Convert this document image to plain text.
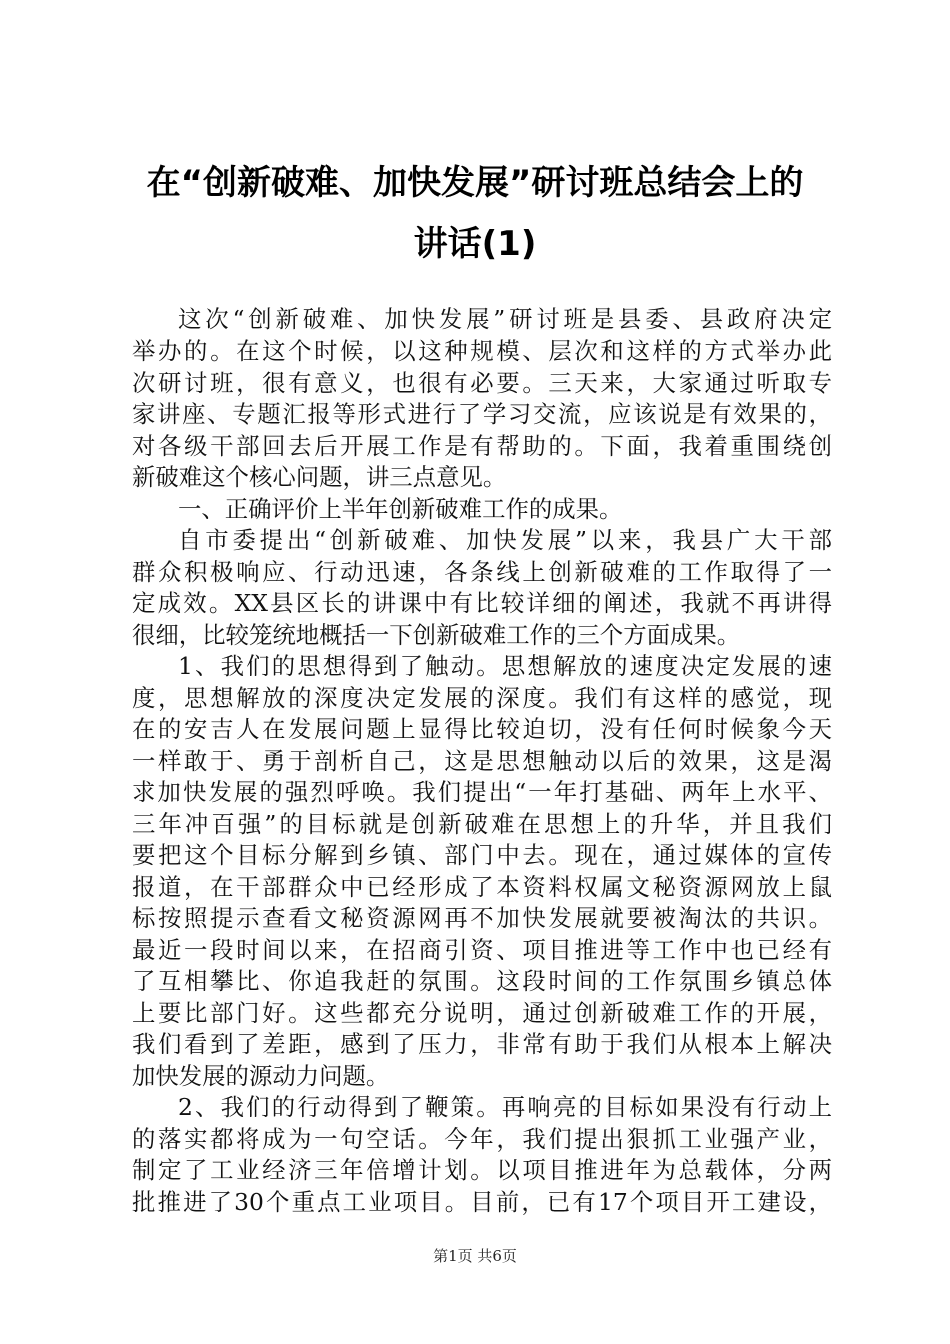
在“创新破难、加快发展”研讨班总结会上的
讲话(1)
这次“创新破难、加快发展”研讨班是县委、县政府决定
举办的。在这个时候，以这种规模、层次和这样的方式举办此
次研讨班，很有意义，也很有必要。三天来，大家通过听取专
家讲座、专题汇报等形式进行了学习交流，应该说是有效果的，
对各级干部回去后开展工作是有帮助的。下面，我着重围绕创
新破难这个核心问题，讲三点意见。
一、正确评价上半年创新破难工作的成果。
自市委提出“创新破难、加快发展”以来，我县广大干部
群众积极响应、行动迅速，各条线上创新破难的工作取得了一
定成效。XX县区长的讲课中有比较详细的阐述，我就不再讲得
很细，比较笼统地概括一下创新破难工作的三个方面成果。
1、我们的思想得到了触动。思想解放的速度决定发展的速
度，思想解放的深度决定发展的深度。我们有这样的感觉，现
在的安吉人在发展问题上显得比较迫切，没有任何时候象今天
一样敢于、勇于剖析自己，这是思想触动以后的效果，这是渴
求加快发展的强烈呼唤。我们提出“一年打基础、两年上水平、
三年冲百强”的目标就是创新破难在思想上的升华，并且我们
要把这个目标分解到乡镇、部门中去。现在，通过媒体的宣传
报道，在干部群众中已经形成了本资料权属文秘资源网放上鼠
标按照提示查看文秘资源网再不加快发展就要被淘汰的共识。
最近一段时间以来，在招商引资、项目推进等工作中也已经有
了互相攀比、你追我赶的氛围。这段时间的工作氛围乡镇总体
上要比部门好。这些都充分说明，通过创新破难工作的开展，
我们看到了差距，感到了压力，非常有助于我们从根本上解决
加快发展的源动力问题。
2、我们的行动得到了鞭策。再响亮的目标如果没有行动上
的落实都将成为一句空话。今年，我们提出狠抓工业强产业，
制定了工业经济三年倍增计划。以项目推进年为总载体，分两
批推进了30个重点工业项目。目前，已有17个项目开工建设，
第1页 共6页
